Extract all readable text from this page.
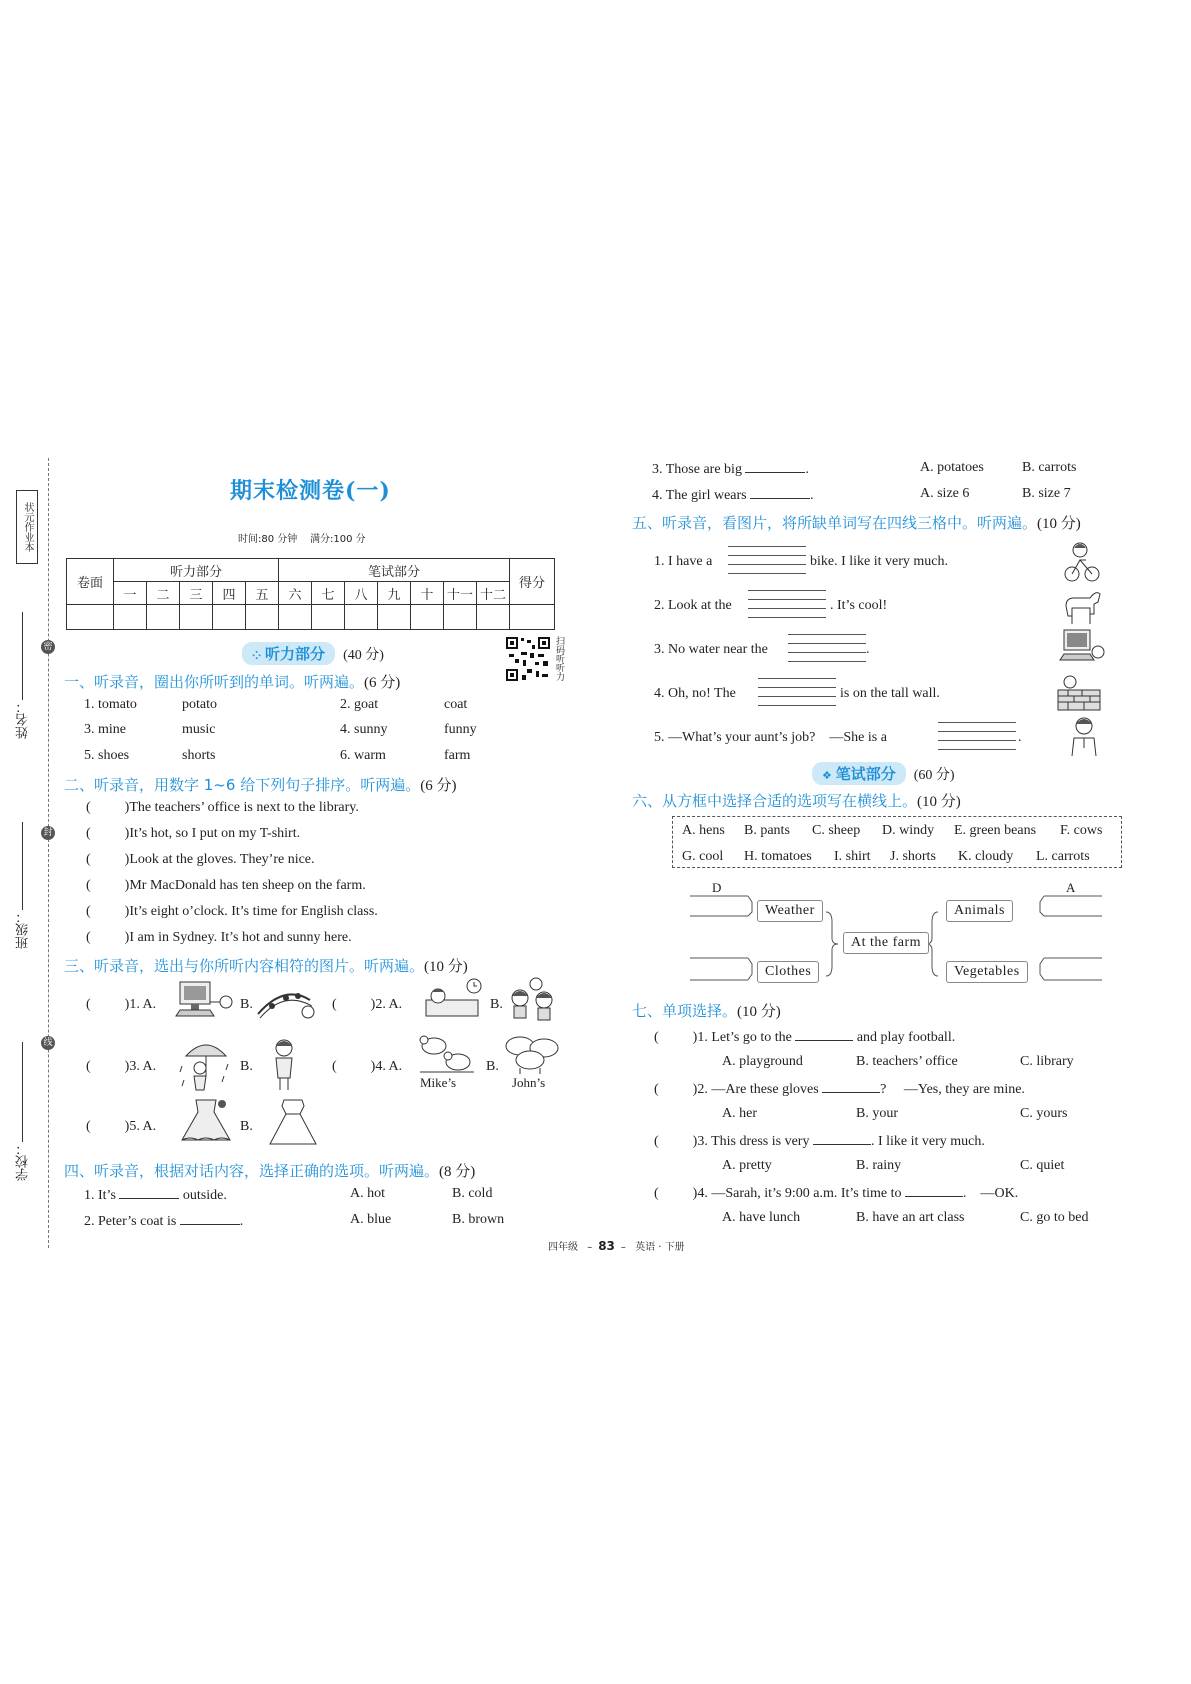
状元作业本
密
封
线
姓名：
班级：
学校：
期末检测卷(一)
时间:80 分钟    满分:100 分
卷面	听力部分					笔试部分							得分
	一	二	三	四	五	六	七	八	九	十	十一	十二	

扫码听听力
⁘ 听力部分 (40 分)
一、听录音，圈出你所听到的单词。听两遍。(6 分)
1. tomato	potato	2. goat	coat
3. mine	music	4. sunny	funny
5. shoes	shorts	6. warm	farm
二、听录音，用数字 1~6 给下列句子排序。听两遍。(6 分)
( )The teachers’ office is next to the library.
( )It’s hot, so I put on my T-shirt.
( )Look at the gloves. They’re nice.
( )Mr MacDonald has ten sheep on the farm.
( )It’s eight o’clock. It’s time for English class.
( )I am in Sydney. It’s hot and sunny here.
三、听录音，选出与你所听内容相符的图片。听两遍。(10 分)
( )1. A.	B.	( )2. A.	B.
( )3. A.	B.	( )4. A.
Mike’s
B.
John’s
( )5. A.	B.
四、听录音，根据对话内容，选择正确的选项。听两遍。(8 分)
1. It’s	outside.	A. hot	B. cold
2. Peter’s coat is	.	A. blue	B. brown
3. Those are big	.	A. potatoes	B. carrots
4. The girl wears	.	A. size 6	B. size 7
五、听录音，看图片，将所缺单词写在四线三格中。听两遍。(10 分)
1. I have a	bike. I like it very much.
2. Look at the	. It’s cool!
3. No water near the	.
4. Oh, no! The	is on the tall wall.
5. —What’s your aunt’s job?    —She is a	.
❖ 笔试部分 (60 分)
六、从方框中选择合适的选项写在横线上。(10 分)
A. hens B. pants C. sheep D. windy E. green beans F. cows
G. cool H. tomatoes I. shirt J. shorts K. cloudy L. carrots
D	A
Weather
Clothes
At the farm
Animals
Vegetables
七、单项选择。(10 分)
( )1. Let’s go to the	and play football.
A. playground	B. teachers’ office	C. library
( )2. —Are these gloves	?     —Yes, they are mine.
A. her	B. your	C. yours
( )3. This dress is very	. I like it very much.
A. pretty	B. rainy	C. quiet
( )4. —Sarah, it’s 9:00 a.m. It’s time to	.    —OK.
A. have lunch	B. have an art class	C. go to bed
四年级 – 83 – 英语 · 下册
